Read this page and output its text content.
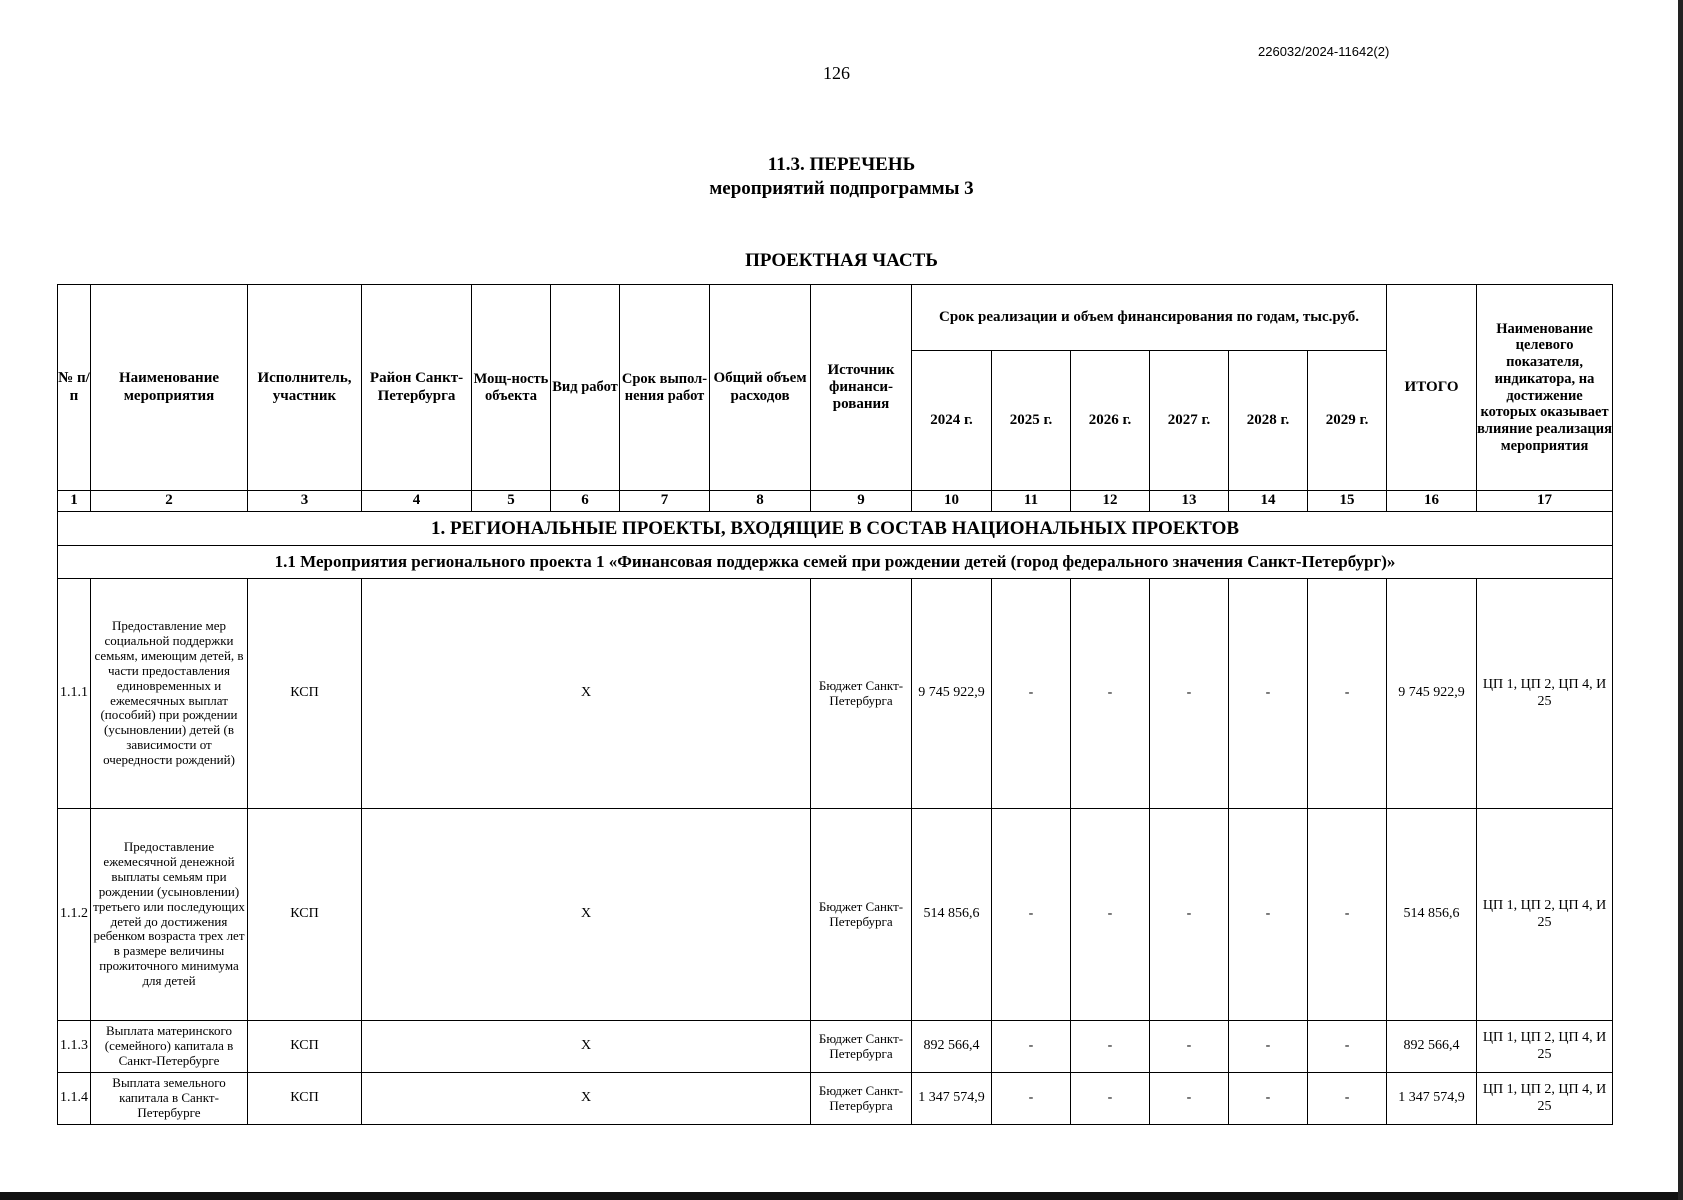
226032/2024-11642(2)
126
11.3. ПЕРЕЧЕНЬ
мероприятий подпрограммы 3
ПРОЕКТНАЯ ЧАСТЬ
№ п/п	Наименование мероприятия	Исполнитель, участник	Район Санкт-Петербурга	Мощ-ность объекта	Вид работ	Срок выпол-нения работ	Общий объем расходов	Источник финанси-рования	Срок реализации и объем финансирования по годам, тыс.руб.						ИТОГО	Наименование целевого показателя, индикатора, на достижение которых оказывает влияние реализация мероприятия
									2024 г.	2025 г.	2026 г.	2027 г.	2028 г.	2029 г.		
1	2	3	4	5	6	7	8	9	10	11	12	13	14	15	16	17
1. РЕГИОНАЛЬНЫЕ ПРОЕКТЫ, ВХОДЯЩИЕ В СОСТАВ НАЦИОНАЛЬНЫХ ПРОЕКТОВ																
1.1 Мероприятия регионального проекта 1 «Финансовая поддержка семей при рождении детей (город федерального значения Санкт-Петербург)»																
1.1.1	Предоставление мер социальной поддержки семьям, имеющим детей, в части предоставления единовременных и ежемесячных выплат (пособий) при рождении (усыновлении) детей (в зависимости от очередности рождений)	КСП	X					Бюджет Санкт-Петербурга	9 745 922,9	-	-	-	-	-	9 745 922,9	ЦП 1, ЦП 2, ЦП 4, И 25
1.1.2	Предоставление ежемесячной денежной выплаты семьям при рождении (усыновлении) третьего или последующих детей до достижения ребенком возраста трех лет в размере величины прожиточного минимума для детей	КСП	X					Бюджет Санкт-Петербурга	514 856,6	-	-	-	-	-	514 856,6	ЦП 1, ЦП 2, ЦП 4, И 25
1.1.3	Выплата материнского (семейного) капитала в Санкт-Петербурге	КСП	X					Бюджет Санкт-Петербурга	892 566,4	-	-	-	-	-	892 566,4	ЦП 1, ЦП 2, ЦП 4, И 25
1.1.4	Выплата земельного капитала в Санкт-Петербурге	КСП	X					Бюджет Санкт-Петербурга	1 347 574,9	-	-	-	-	-	1 347 574,9	ЦП 1, ЦП 2, ЦП 4, И 25
